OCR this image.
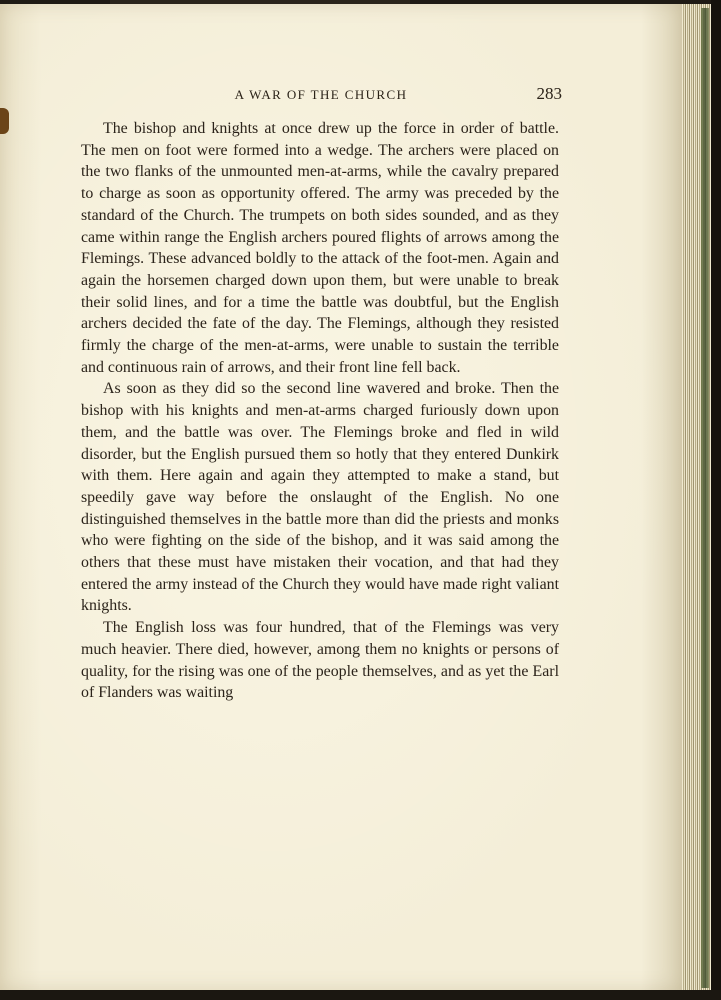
A WAR OF THE CHURCH	283

The bishop and knights at once drew up the force in order of battle. The men on foot were formed into a wedge. The archers were placed on the two flanks of the unmounted men-at-arms, while the cavalry prepared to charge as soon as opportunity offered. The army was preceded by the standard of the Church. The trumpets on both sides sounded, and as they came within range the English archers poured flights of arrows among the Flemings. These advanced boldly to the attack of the foot-men. Again and again the horsemen charged down upon them, but were unable to break their solid lines, and for a time the battle was doubtful, but the English archers decided the fate of the day. The Flemings, although they resisted firmly the charge of the men-at-arms, were unable to sustain the terrible and continuous rain of arrows, and their front line fell back.

As soon as they did so the second line wavered and broke. Then the bishop with his knights and men-at-arms charged furiously down upon them, and the battle was over. The Flemings broke and fled in wild disorder, but the English pursued them so hotly that they entered Dunkirk with them. Here again and again they attempted to make a stand, but speedily gave way before the onslaught of the English. No one distinguished themselves in the battle more than did the priests and monks who were fighting on the side of the bishop, and it was said among the others that these must have mistaken their vocation, and that had they entered the army instead of the Church they would have made right valiant knights.

The English loss was four hundred, that of the Flemings was very much heavier. There died, however, among them no knights or persons of quality, for the rising was one of the people themselves, and as yet the Earl of Flanders was waiting
